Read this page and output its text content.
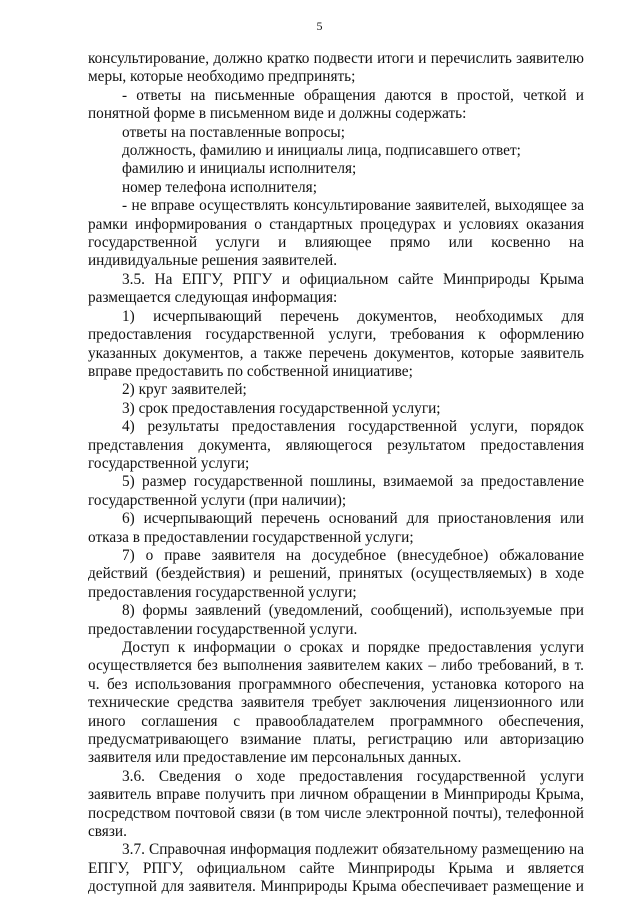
5

консультирование, должно кратко подвести итоги и перечислить заявителю меры, которые необходимо предпринять;

- ответы на письменные обращения даются в простой, четкой и понятной форме в письменном виде и должны содержать:

ответы на поставленные вопросы;

должность, фамилию и инициалы лица, подписавшего ответ;

фамилию и инициалы исполнителя;

номер телефона исполнителя;

- не вправе осуществлять консультирование заявителей, выходящее за рамки информирования о стандартных процедурах и условиях оказания государственной услуги и влияющее прямо или косвенно на индивидуальные решения заявителей.

3.5. На ЕПГУ, РПГУ и официальном сайте Минприроды Крыма размещается следующая информация:

1) исчерпывающий перечень документов, необходимых для предоставления государственной услуги, требования к оформлению указанных документов, а также перечень документов, которые заявитель вправе предоставить по собственной инициативе;

2) круг заявителей;

3) срок предоставления государственной услуги;

4) результаты предоставления государственной услуги, порядок представления документа, являющегося результатом предоставления государственной услуги;

5) размер государственной пошлины, взимаемой за предоставление государственной услуги (при наличии);

6) исчерпывающий перечень оснований для приостановления или отказа в предоставлении государственной услуги;

7) о праве заявителя на досудебное (внесудебное) обжалование действий (бездействия) и решений, принятых (осуществляемых) в ходе предоставления государственной услуги;

8) формы заявлений (уведомлений, сообщений), используемые при предоставлении государственной услуги.

Доступ к информации о сроках и порядке предоставления услуги осуществляется без выполнения заявителем каких – либо требований, в т. ч. без использования программного обеспечения, установка которого на технические средства заявителя требует заключения лицензионного или иного соглашения с правообладателем программного обеспечения, предусматривающего взимание платы, регистрацию или авторизацию заявителя или предоставление им персональных данных.

3.6. Сведения о ходе предоставления государственной услуги заявитель вправе получить при личном обращении в Минприроды Крыма, посредством почтовой связи (в том числе электронной почты), телефонной связи.

3.7. Справочная информация подлежит обязательному размещению на ЕПГУ, РПГУ, официальном сайте Минприроды Крыма и является доступной для заявителя. Минприроды Крыма обеспечивает размещение и
